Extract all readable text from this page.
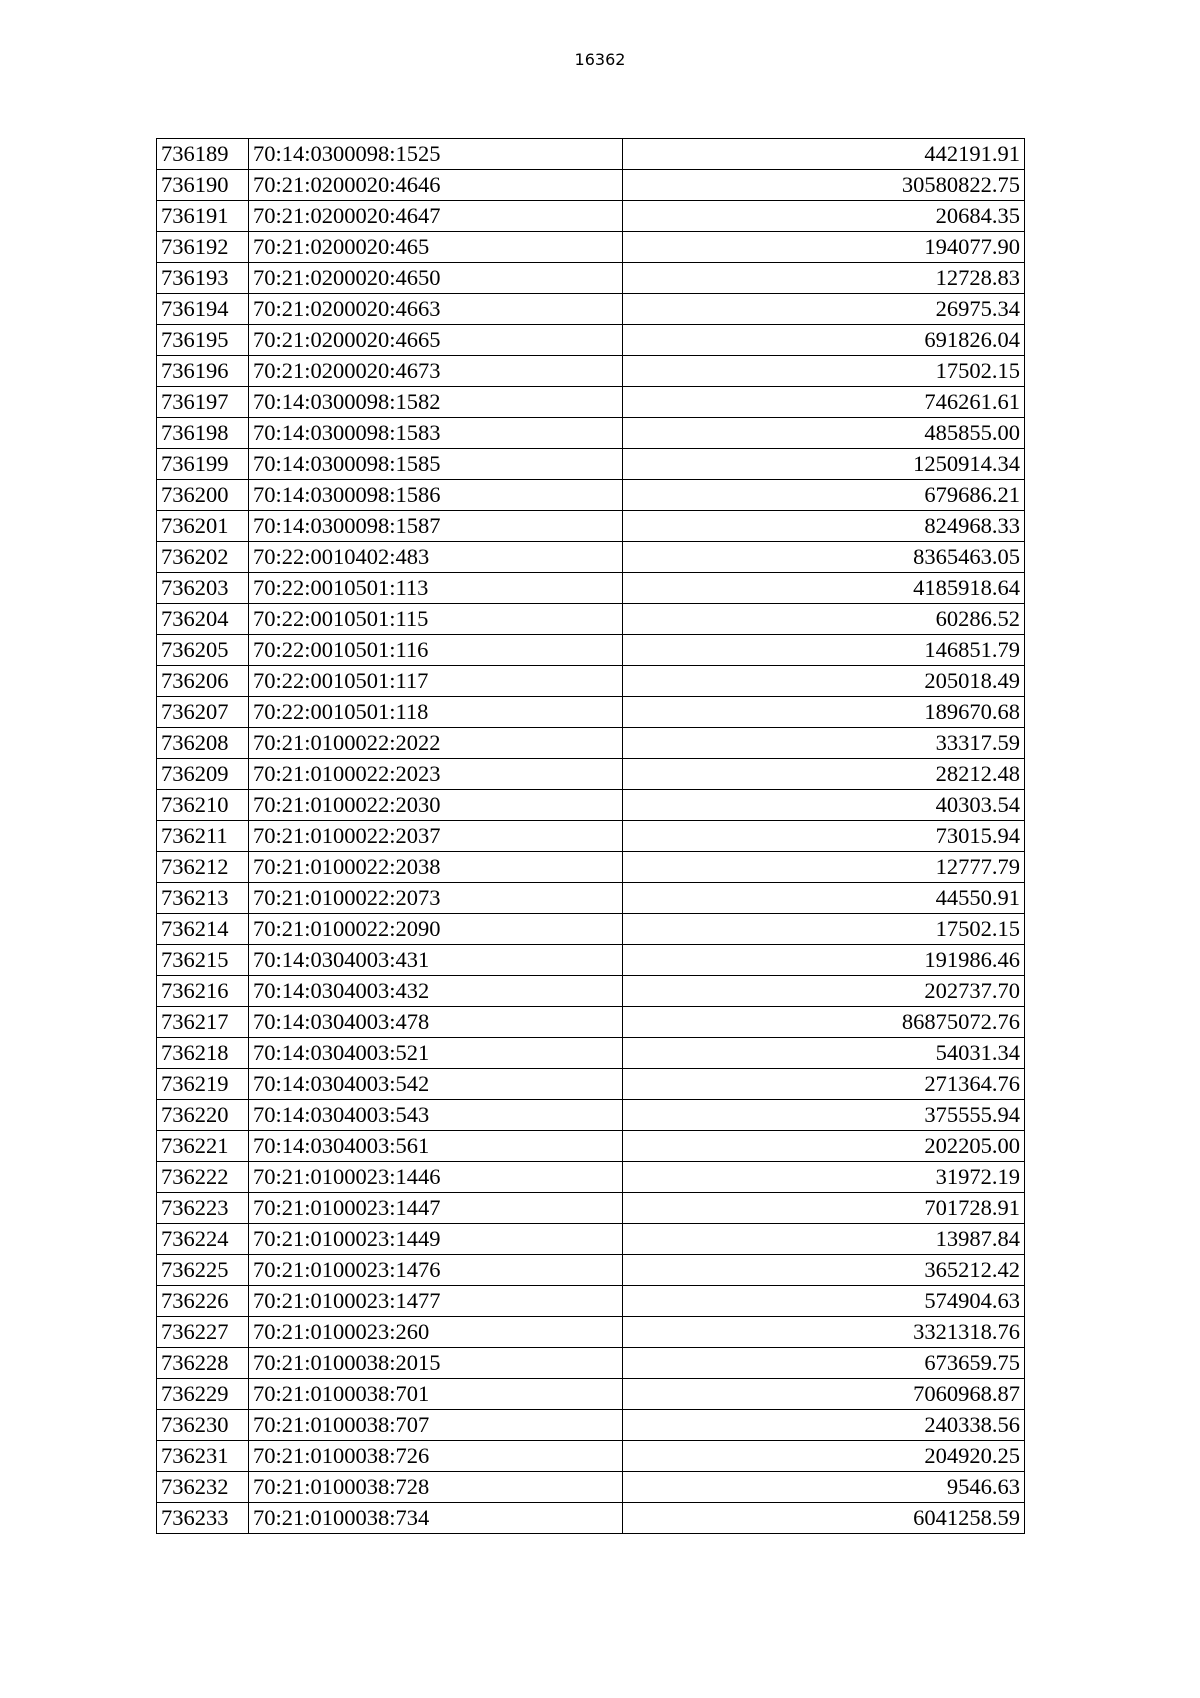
16362
736189	70:14:0300098:1525	442191.91
736190	70:21:0200020:4646	30580822.75
736191	70:21:0200020:4647	20684.35
736192	70:21:0200020:465	194077.90
736193	70:21:0200020:4650	12728.83
736194	70:21:0200020:4663	26975.34
736195	70:21:0200020:4665	691826.04
736196	70:21:0200020:4673	17502.15
736197	70:14:0300098:1582	746261.61
736198	70:14:0300098:1583	485855.00
736199	70:14:0300098:1585	1250914.34
736200	70:14:0300098:1586	679686.21
736201	70:14:0300098:1587	824968.33
736202	70:22:0010402:483	8365463.05
736203	70:22:0010501:113	4185918.64
736204	70:22:0010501:115	60286.52
736205	70:22:0010501:116	146851.79
736206	70:22:0010501:117	205018.49
736207	70:22:0010501:118	189670.68
736208	70:21:0100022:2022	33317.59
736209	70:21:0100022:2023	28212.48
736210	70:21:0100022:2030	40303.54
736211	70:21:0100022:2037	73015.94
736212	70:21:0100022:2038	12777.79
736213	70:21:0100022:2073	44550.91
736214	70:21:0100022:2090	17502.15
736215	70:14:0304003:431	191986.46
736216	70:14:0304003:432	202737.70
736217	70:14:0304003:478	86875072.76
736218	70:14:0304003:521	54031.34
736219	70:14:0304003:542	271364.76
736220	70:14:0304003:543	375555.94
736221	70:14:0304003:561	202205.00
736222	70:21:0100023:1446	31972.19
736223	70:21:0100023:1447	701728.91
736224	70:21:0100023:1449	13987.84
736225	70:21:0100023:1476	365212.42
736226	70:21:0100023:1477	574904.63
736227	70:21:0100023:260	3321318.76
736228	70:21:0100038:2015	673659.75
736229	70:21:0100038:701	7060968.87
736230	70:21:0100038:707	240338.56
736231	70:21:0100038:726	204920.25
736232	70:21:0100038:728	9546.63
736233	70:21:0100038:734	6041258.59
